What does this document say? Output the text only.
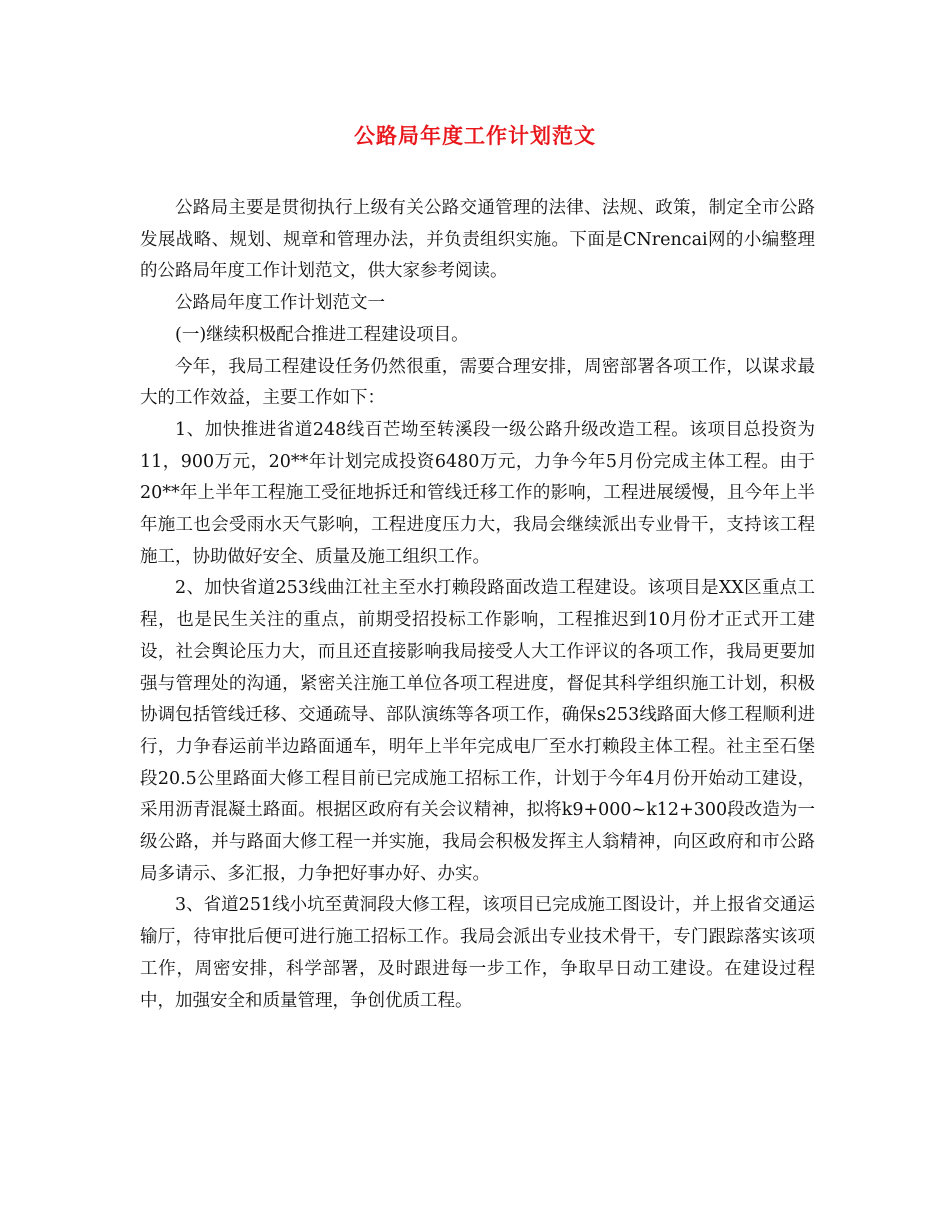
公路局年度工作计划范文

公路局主要是贯彻执行上级有关公路交通管理的法律、法规、政策，制定全市公路发展战略、规划、规章和管理办法，并负责组织实施。下面是CNrencai网的小编整理的公路局年度工作计划范文，供大家参考阅读。

公路局年度工作计划范文一

(一)继续积极配合推进工程建设项目。

今年，我局工程建设任务仍然很重，需要合理安排，周密部署各项工作，以谋求最大的工作效益，主要工作如下：

1、加快推进省道248线百芒坳至转溪段一级公路升级改造工程。该项目总投资为11，900万元，20**年计划完成投资6480万元，力争今年5月份完成主体工程。由于20**年上半年工程施工受征地拆迁和管线迁移工作的影响，工程进展缓慢，且今年上半年施工也会受雨水天气影响，工程进度压力大，我局会继续派出专业骨干，支持该工程施工，协助做好安全、质量及施工组织工作。

2、加快省道253线曲江社主至水打赖段路面改造工程建设。该项目是XX区重点工程，也是民生关注的重点，前期受招投标工作影响，工程推迟到10月份才正式开工建设，社会舆论压力大，而且还直接影响我局接受人大工作评议的各项工作，我局更要加强与管理处的沟通，紧密关注施工单位各项工程进度，督促其科学组织施工计划，积极协调包括管线迁移、交通疏导、部队演练等各项工作，确保s253线路面大修工程顺利进行，力争春运前半边路面通车，明年上半年完成电厂至水打赖段主体工程。社主至石堡段20.5公里路面大修工程目前已完成施工招标工作，计划于今年4月份开始动工建设，采用沥青混凝土路面。根据区政府有关会议精神，拟将k9+000~k12+300段改造为一级公路，并与路面大修工程一并实施，我局会积极发挥主人翁精神，向区政府和市公路局多请示、多汇报，力争把好事办好、办实。

3、省道251线小坑至黄洞段大修工程，该项目已完成施工图设计，并上报省交通运输厅，待审批后便可进行施工招标工作。我局会派出专业技术骨干，专门跟踪落实该项工作，周密安排，科学部署，及时跟进每一步工作，争取早日动工建设。在建设过程中，加强安全和质量管理，争创优质工程。
